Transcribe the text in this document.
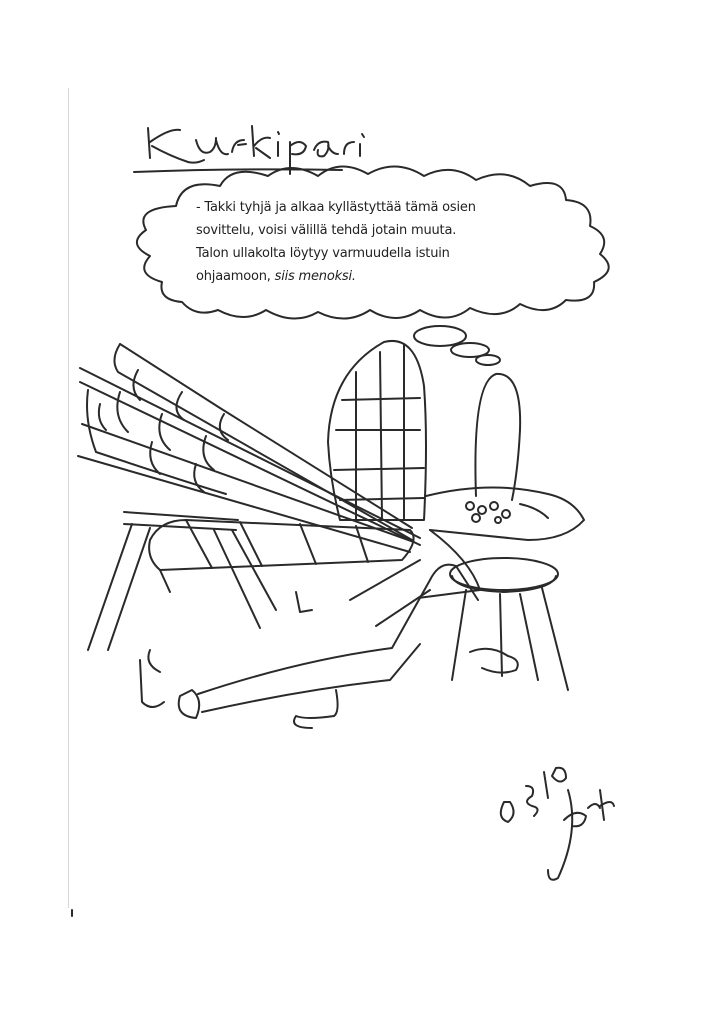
- Takki tyhjä ja alkaa kyllästyttää tämä osien
sovittelu, voisi välillä tehdä jotain muuta.
Talon ullakolta löytyy varmuudella istuin
ohjaamoon, siis menoksi.
